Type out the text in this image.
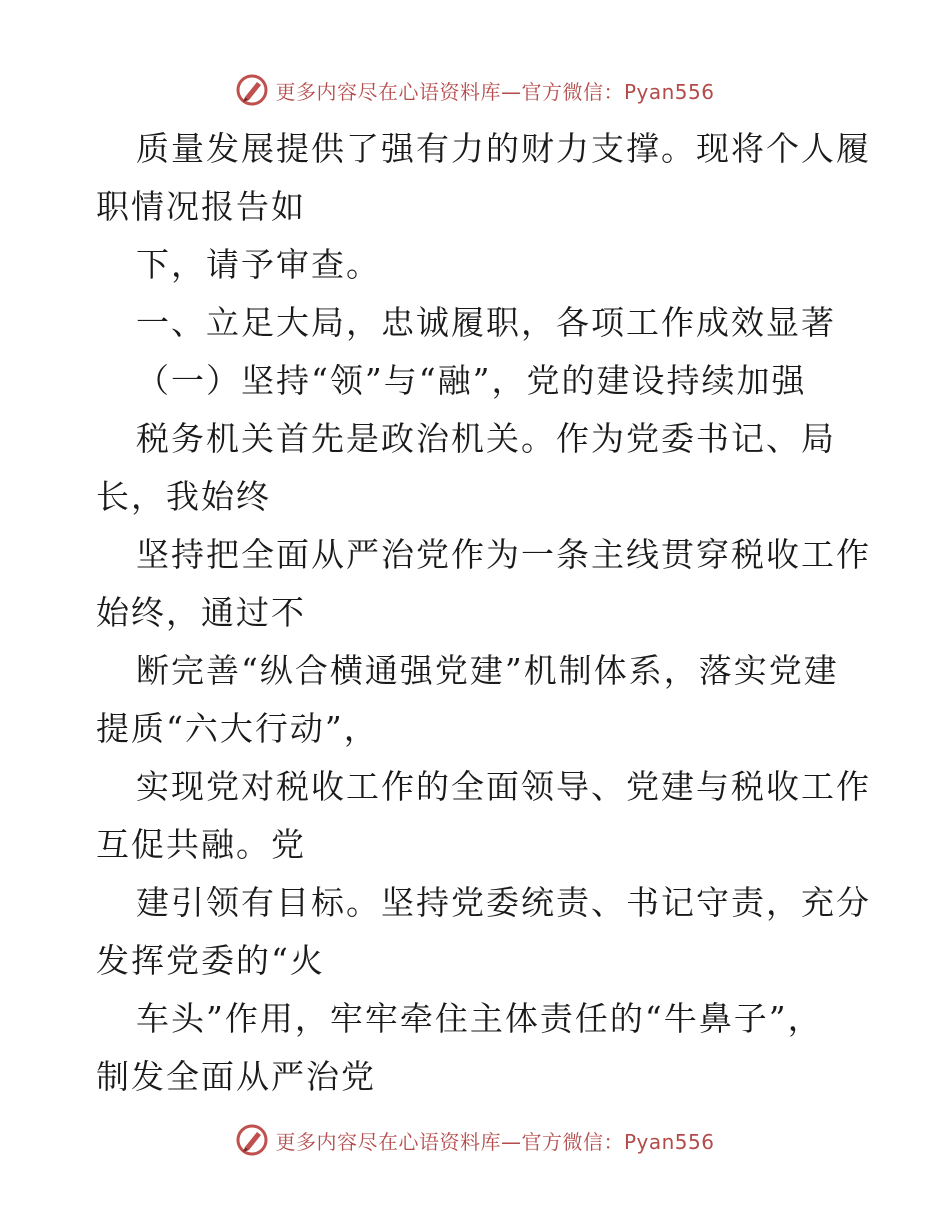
更多内容尽在心语资料库—官方微信：Pyan556
质量发展提供了强有力的财力支撑。现将个人履
职情况报告如
下，请予审查。
一、立足大局，忠诚履职，各项工作成效显著
（一）坚持“领”与“融”，党的建设持续加强
税务机关首先是政治机关。作为党委书记、局
长，我始终
坚持把全面从严治党作为一条主线贯穿税收工作
始终，通过不
断完善“纵合横通强党建”机制体系，落实党建
提质“六大行动”，
实现党对税收工作的全面领导、党建与税收工作
互促共融。党
建引领有目标。坚持党委统责、书记守责，充分
发挥党委的“火
车头”作用，牢牢牵住主体责任的“牛鼻子”，
制发全面从严治党
更多内容尽在心语资料库—官方微信：Pyan556
